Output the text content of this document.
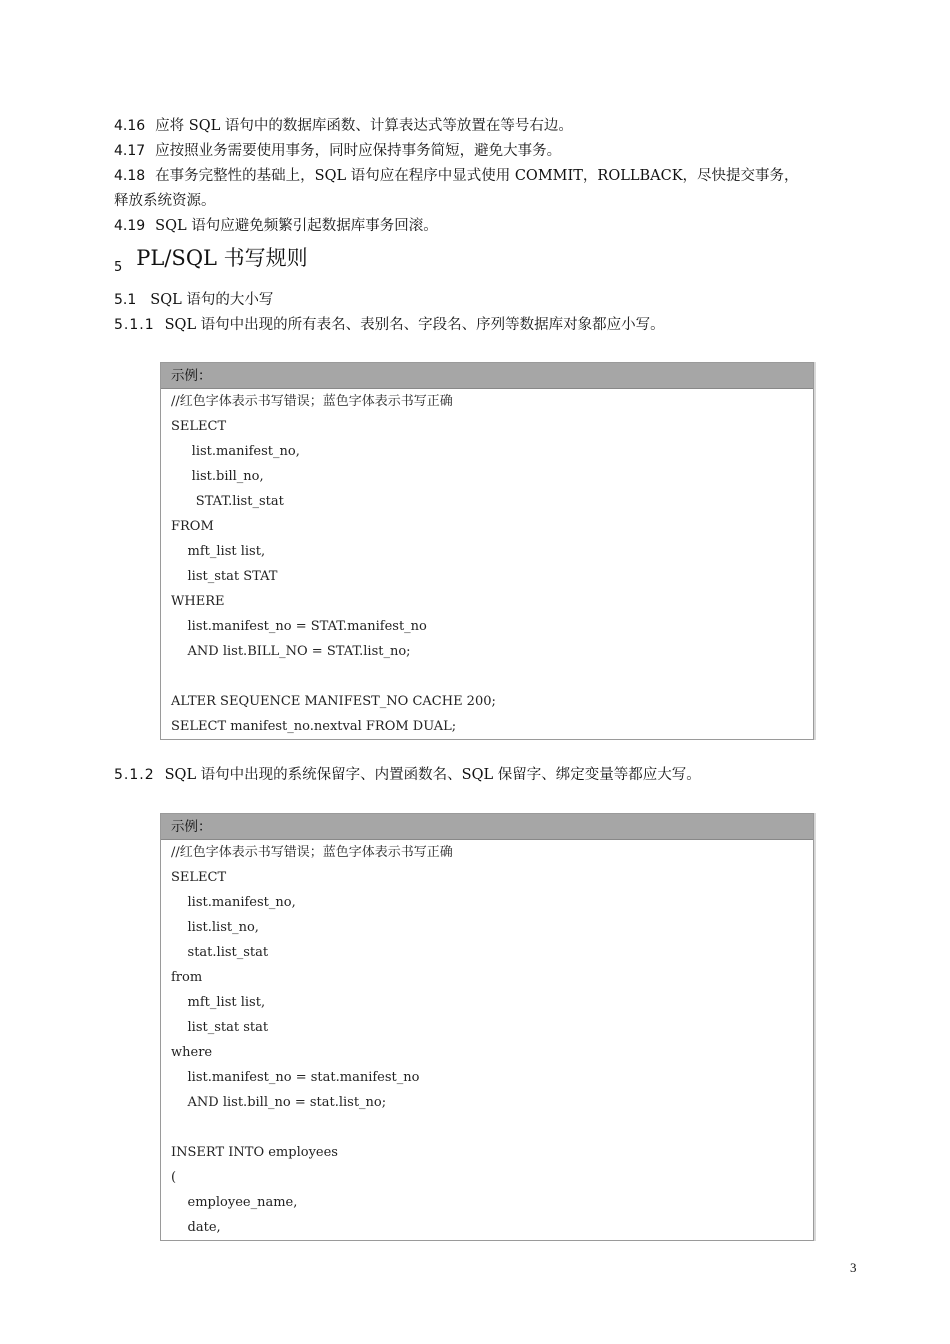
4.16 应将 SQL 语句中的数据库函数、计算表达式等放置在等号右边。
4.17 应按照业务需要使用事务，同时应保持事务简短，避免大事务。
4.18 在事务完整性的基础上，SQL 语句应在程序中显式使用 COMMIT，ROLLBACK，尽快提交事务，
释放系统资源。
4.19 SQL 语句应避免频繁引起数据库事务回滚。
5 PL/SQL 书写规则
5.1 SQL 语句的大小写
5.1.1 SQL 语句中出现的所有表名、表别名、字段名、序列等数据库对象都应小写。
示例：
//红色字体表示书写错误；蓝色字体表示书写正确
SELECT
list.manifest_no,
list.bill_no,
STAT.list_stat
FROM
mft_list list,
list_stat STAT
WHERE
list.manifest_no = STAT.manifest_no
AND list.BILL_NO = STAT.list_no;
ALTER SEQUENCE MANIFEST_NO CACHE 200;
SELECT manifest_no.nextval FROM DUAL;
5.1.2 SQL 语句中出现的系统保留字、内置函数名、SQL 保留字、绑定变量等都应大写。
示例：
//红色字体表示书写错误；蓝色字体表示书写正确
SELECT
list.manifest_no,
list.list_no,
stat.list_stat
from
mft_list list,
list_stat stat
where
list.manifest_no = stat.manifest_no
AND list.bill_no = stat.list_no;
INSERT INTO employees
(
employee_name,
date,
3
